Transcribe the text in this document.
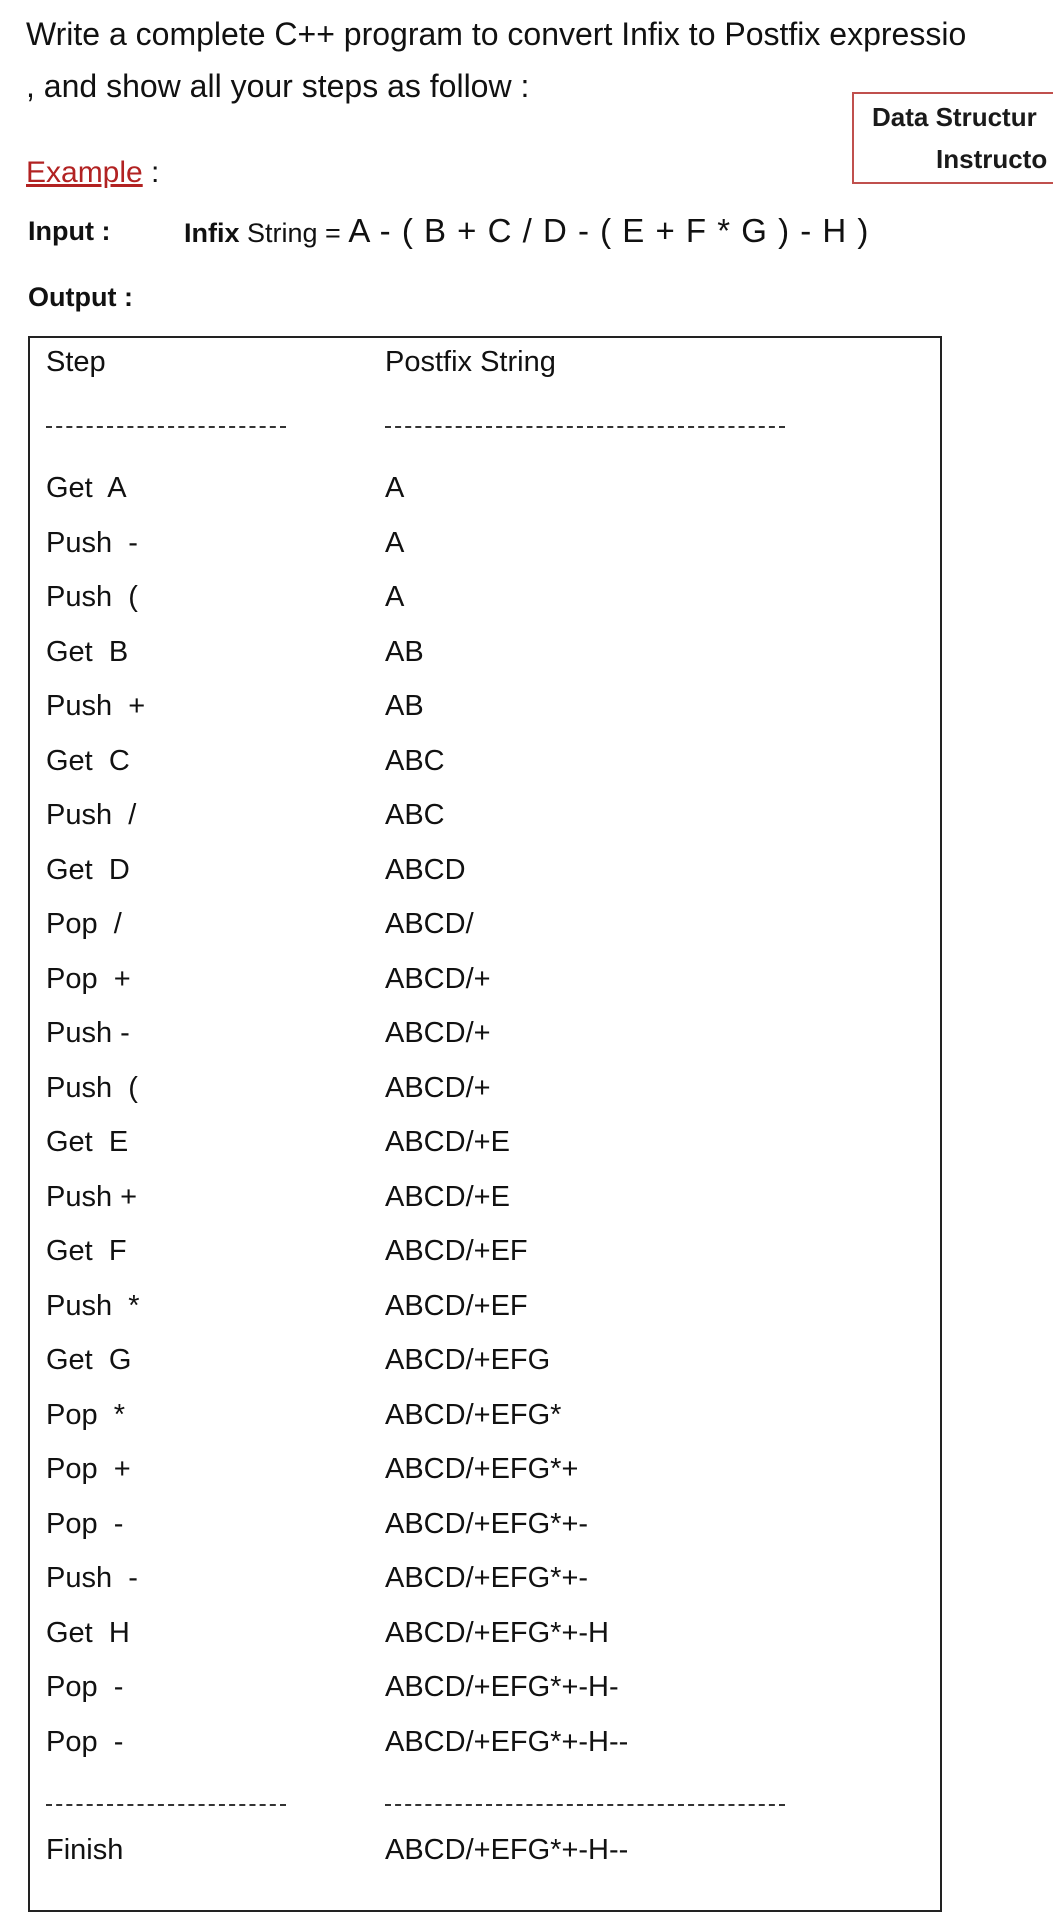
Write a complete C++ program to convert Infix to Postfix expressio
, and show all your steps as follow :
Data Structur
Instructo
Example :
Input :	Infix String = A - ( B + C / D - ( E + F * G ) - H )
Output :
Step	Postfix String
Get  A	A
Push  -	A
Push  (	A
Get  B	AB
Push  +	AB
Get  C	ABC
Push  /	ABC
Get  D	ABCD
Pop  /	ABCD/
Pop  +	ABCD/+
Push -	ABCD/+
Push  (	ABCD/+
Get  E	ABCD/+E
Push +	ABCD/+E
Get  F	ABCD/+EF
Push  *	ABCD/+EF
Get  G	ABCD/+EFG
Pop  *	ABCD/+EFG*
Pop  +	ABCD/+EFG*+
Pop  -	ABCD/+EFG*+-
Push  -	ABCD/+EFG*+-
Get  H	ABCD/+EFG*+-H
Pop  -	ABCD/+EFG*+-H-
Pop  -	ABCD/+EFG*+-H--
Finish	ABCD/+EFG*+-H--
